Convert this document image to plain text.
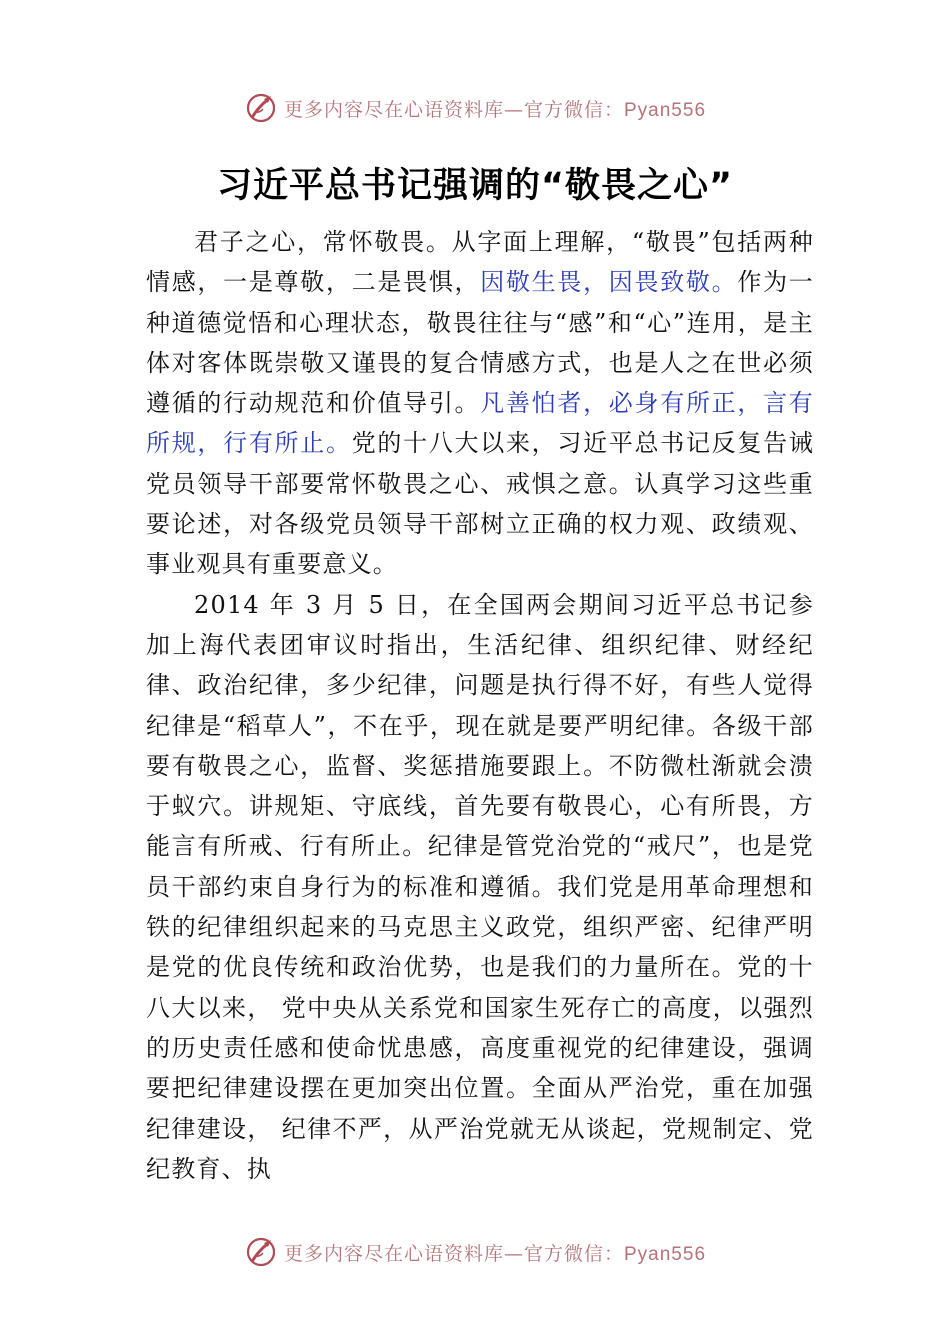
更多内容尽在心语资料库—官方微信：Pyan556
习近平总书记强调的“敬畏之心”

君子之心，常怀敬畏。从字面上理解，“敬畏”包括两种情感，一是尊敬，二是畏惧，因敬生畏，因畏致敬。作为一种道德觉悟和心理状态，敬畏往往与“感”和“心”连用，是主体对客体既崇敬又谨畏的复合情感方式，也是人之在世必须遵循的行动规范和价值导引。凡善怕者，必身有所正，言有所规，行有所止。党的十八大以来，习近平总书记反复告诫党员领导干部要常怀敬畏之心、戒惧之意。认真学习这些重要论述，对各级党员领导干部树立正确的权力观、政绩观、 事业观具有重要意义。

2014 年 3 月 5 日，在全国两会期间习近平总书记参加上海代表团审议时指出，生活纪律、组织纪律、财经纪律、政治纪律，多少纪律，问题是执行得不好，有些人觉得纪律是“稻草人”，不在乎，现在就是要严明纪律。各级干部要有敬畏之心，监督、奖惩措施要跟上。不防微杜渐就会溃于蚁穴。讲规矩、守底线，首先要有敬畏心，心有所畏，方能言有所戒、行有所止。纪律是管党治党的“戒尺”，也是党员干部约束自身行为的标准和遵循。我们党是用革命理想和铁的纪律组织起来的马克思主义政党，组织严密、纪律严明是党的优良传统和政治优势，也是我们的力量所在。党的十八大以来， 党中央从关系党和国家生死存亡的高度，以强烈的历史责任感和使命忧患感，高度重视党的纪律建设，强调要把纪律建设摆在更加突出位置。全面从严治党，重在加强纪律建设， 纪律不严，从严治党就无从谈起，党规制定、党纪教育、执

更多内容尽在心语资料库—官方微信：Pyan556
